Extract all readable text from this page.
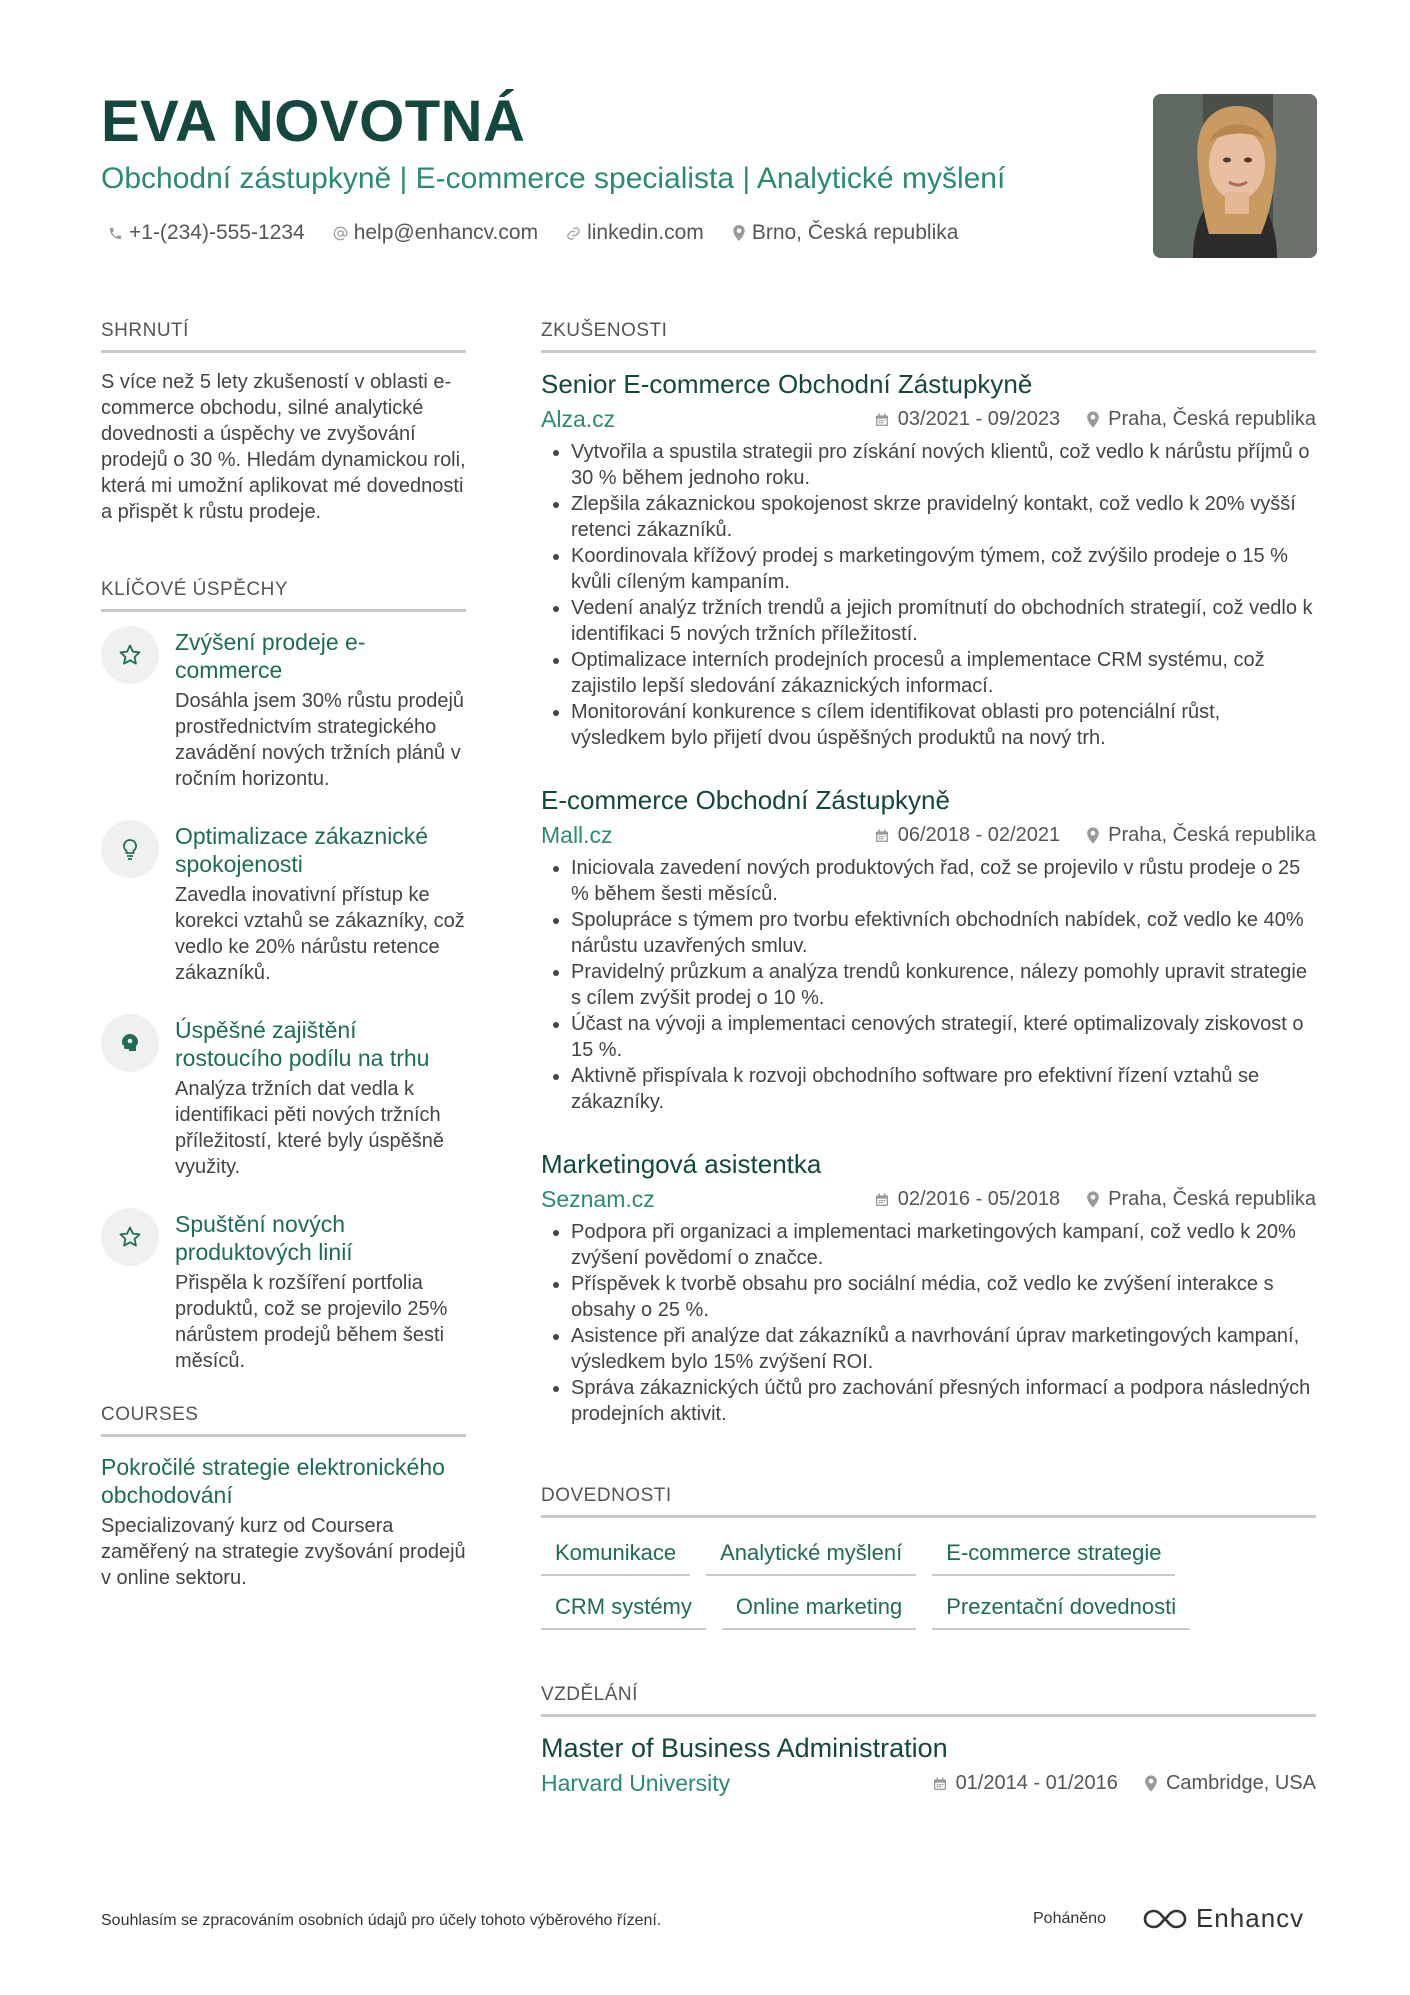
EVA NOVOTNÁ
Obchodní zástupkyně | E-commerce specialista | Analytické myšlení
+1-(234)-555-1234 help@enhancv.com linkedin.com Brno, Česká republika
SHRNUTÍ

S více než 5 lety zkušeností v oblasti e-commerce obchodu, silné analytické dovednosti a úspěchy ve zvyšování prodejů o 30 %. Hledám dynamickou roli, která mi umožní aplikovat mé dovednosti a přispět k růstu prodeje.

KLÍČOVÉ ÚSPĚCHY
Zvýšení prodeje e-commerce
Dosáhla jsem 30% růstu prodejů prostřednictvím strategického zavádění nových tržních plánů v ročním horizontu.
Optimalizace zákaznické spokojenosti
Zavedla inovativní přístup ke korekci vztahů se zákazníky, což vedlo ke 20% nárůstu retence zákazníků.
Úspěšné zajištění rostoucího podílu na trhu
Analýza tržních dat vedla k identifikaci pěti nových tržních příležitostí, které byly úspěšně využity.
Spuštění nových produktových linií
Přispěla k rozšíření portfolia produktů, což se projevilo 25% nárůstem prodejů během šesti měsíců.
COURSES
Pokročilé strategie elektronického obchodování
Specializovaný kurz od Coursera zaměřený na strategie zvyšování prodejů v online sektoru.
ZKUŠENOSTI
Senior E-commerce Obchodní Zástupkyně
Alza.cz	03/2021 - 09/2023 Praha, Česká republika
• Vytvořila a spustila strategii pro získání nových klientů, což vedlo k nárůstu příjmů o 30 % během jednoho roku.
• Zlepšila zákaznickou spokojenost skrze pravidelný kontakt, což vedlo k 20% vyšší retenci zákazníků.
• Koordinovala křížový prodej s marketingovým týmem, což zvýšilo prodeje o 15 % kvůli cíleným kampaním.
• Vedení analýz tržních trendů a jejich promítnutí do obchodních strategií, což vedlo k identifikaci 5 nových tržních příležitostí.
• Optimalizace interních prodejních procesů a implementace CRM systému, což zajistilo lepší sledování zákaznických informací.
• Monitorování konkurence s cílem identifikovat oblasti pro potenciální růst, výsledkem bylo přijetí dvou úspěšných produktů na nový trh.
E-commerce Obchodní Zástupkyně
Mall.cz	06/2018 - 02/2021 Praha, Česká republika
• Iniciovala zavedení nových produktových řad, což se projevilo v růstu prodeje o 25 % během šesti měsíců.
• Spolupráce s týmem pro tvorbu efektivních obchodních nabídek, což vedlo ke 40% nárůstu uzavřených smluv.
• Pravidelný průzkum a analýza trendů konkurence, nálezy pomohly upravit strategie s cílem zvýšit prodej o 10 %.
• Účast na vývoji a implementaci cenových strategií, které optimalizovaly ziskovost o 15 %.
• Aktivně přispívala k rozvoji obchodního software pro efektivní řízení vztahů se zákazníky.
Marketingová asistentka
Seznam.cz	02/2016 - 05/2018 Praha, Česká republika
• Podpora při organizaci a implementaci marketingových kampaní, což vedlo k 20% zvýšení povědomí o značce.
• Příspěvek k tvorbě obsahu pro sociální média, což vedlo ke zvýšení interakce s obsahy o 25 %.
• Asistence při analýze dat zákazníků a navrhování úprav marketingových kampaní, výsledkem bylo 15% zvýšení ROI.
• Správa zákaznických účtů pro zachování přesných informací a podpora následných prodejních aktivit.
DOVEDNOSTI
Komunikace	Analytické myšlení	E-commerce strategie
CRM systémy	Online marketing	Prezentační dovednosti
VZDĚLÁNÍ
Master of Business Administration
Harvard University	01/2014 - 01/2016 Cambridge, USA
Souhlasím se zpracováním osobních údajů pro účely tohoto výběrového řízení.	Poháněno	Enhancv
